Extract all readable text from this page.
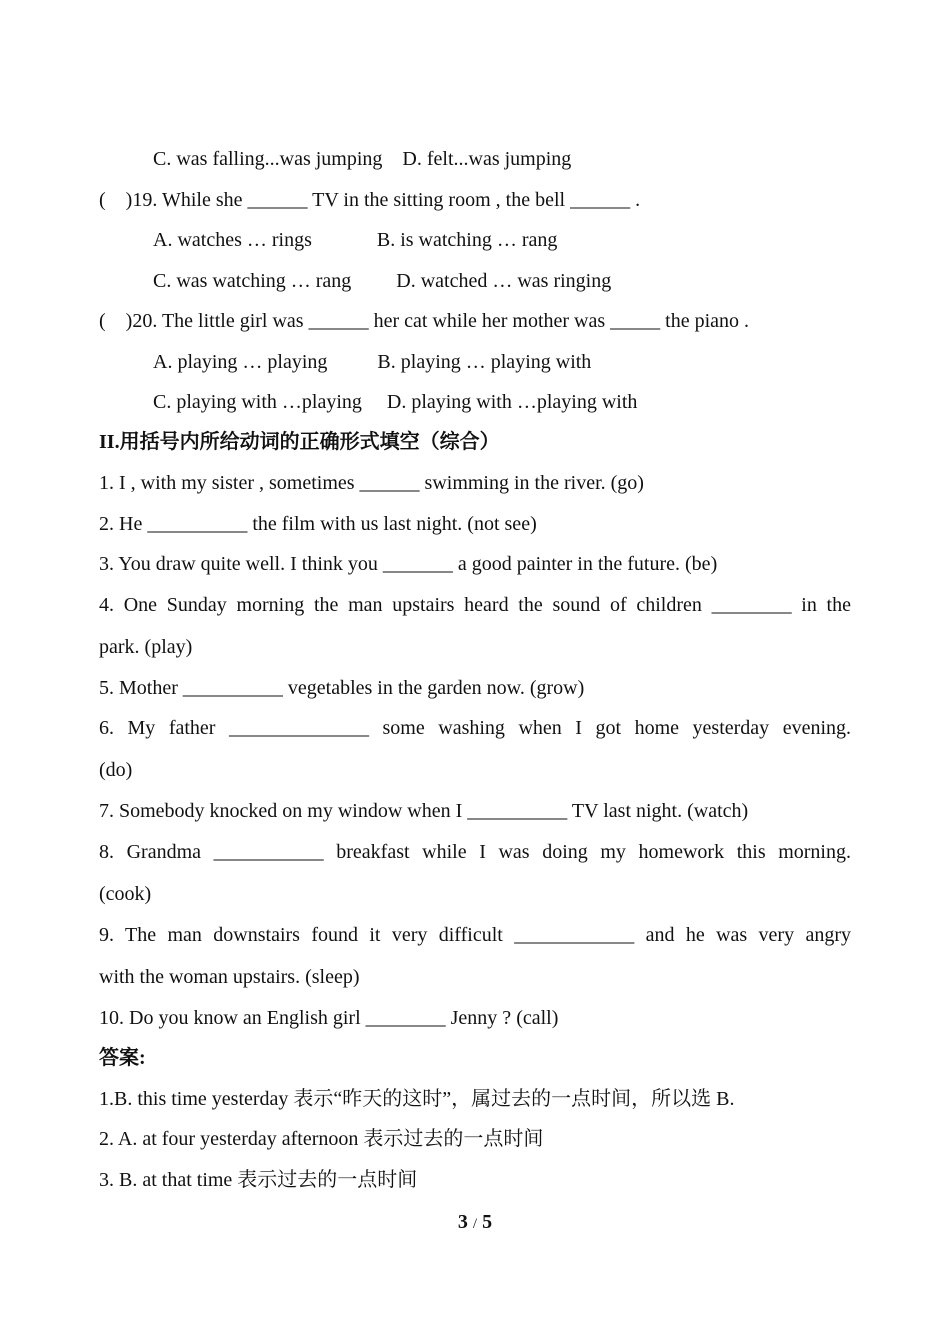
C. was falling...was jumping    D. felt...was jumping
(    )19. While she ______ TV in the sitting room , the bell ______ .
A. watches … rings             B. is watching … rang
C. was watching … rang         D. watched … was ringing
(    )20. The little girl was ______ her cat while her mother was _____ the piano .
A. playing … playing          B. playing … playing with
C. playing with …playing     D. playing with …playing with
II.用括号内所给动词的正确形式填空（综合）
1. I , with my sister , sometimes ______ swimming in the river. (go)
2. He __________ the film with us last night. (not see)
3. You draw quite well. I think you _______ a good painter in the future. (be)
4. One Sunday morning the man upstairs heard the sound of children ________ in the
park. (play)
5. Mother __________ vegetables in the garden now. (grow)
6. My father ______________ some washing when I got home yesterday evening.
(do)
7. Somebody knocked on my window when I __________ TV last night. (watch)
8. Grandma ___________ breakfast while I was doing my homework this morning.
(cook)
9. The man downstairs found it very difficult ____________ and he was very angry
with the woman upstairs. (sleep)
10. Do you know an English girl ________ Jenny ? (call)
答案:
1.B. this time yesterday 表示“昨天的这时”，属过去的一点时间，所以选 B.
2. A. at four yesterday afternoon 表示过去的一点时间
3. B. at that time 表示过去的一点时间
3 / 5
